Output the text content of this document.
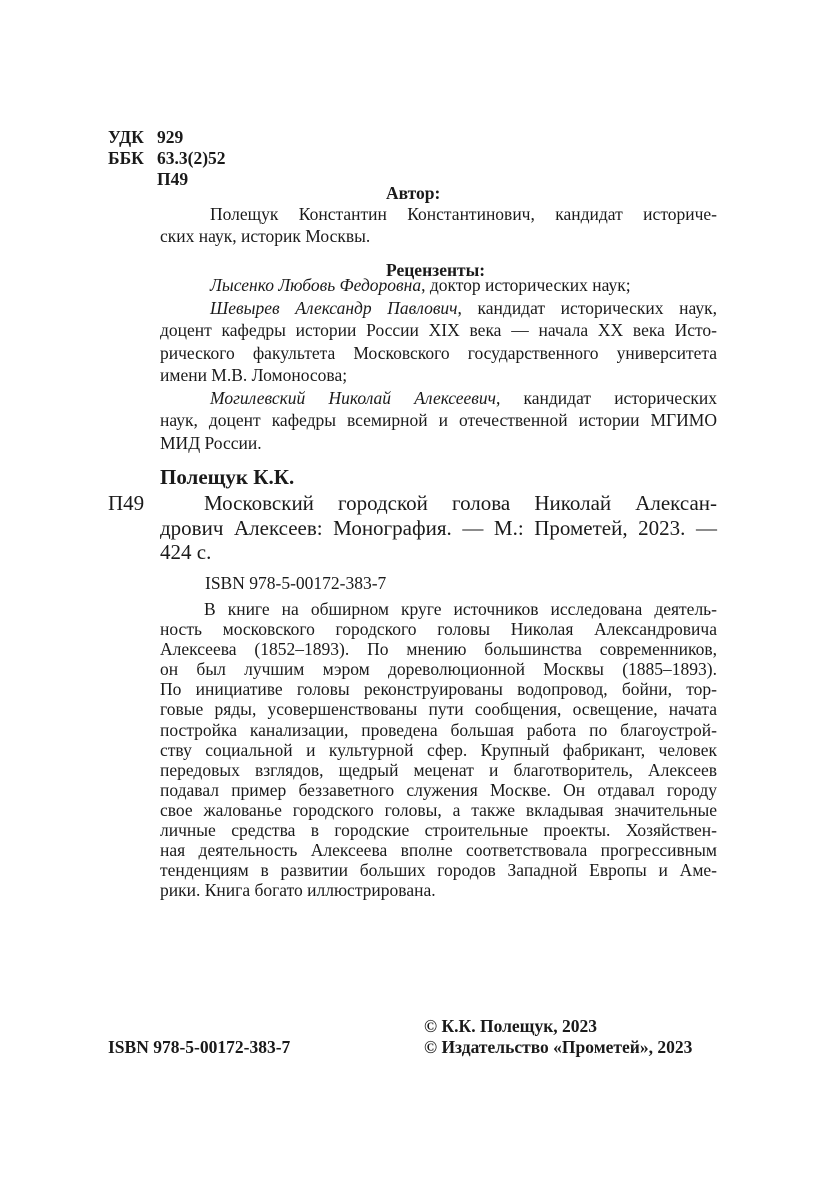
УДК 929
ББК 63.3(2)52
П49
Автор:
Полещук Константин Константинович, кандидат историче-
ских наук, историк Москвы.
Рецензенты:
Лысенко Любовь Федоровна, доктор исторических наук;
Шевырев Александр Павлович, кандидат исторических наук,
доцент кафедры истории России XIX века — начала XX века Исто-
рического факультета Московского государственного университета
имени М.В. Ломоносова;
Могилевский Николай Алексеевич, кандидат исторических
наук, доцент кафедры всемирной и отечественной истории МГИМО
МИД России.
Полещук К.К.
П49	Московский городской голова Николай Алексан-
дрович Алексеев: Монография. — М.: Прометей, 2023. —
424 с.
ISBN 978-5-00172-383-7
В книге на обширном круге источников исследована деятель-
ность московского городского головы Николая Александровича
Алексеева (1852–1893). По мнению большинства современников,
он был лучшим мэром дореволюционной Москвы (1885–1893).
По инициативе головы реконструированы водопровод, бойни, тор-
говые ряды, усовершенствованы пути сообщения, освещение, начата
постройка канализации, проведена большая работа по благоустрой-
ству социальной и культурной сфер. Крупный фабрикант, человек
передовых взглядов, щедрый меценат и благотворитель, Алексеев
подавал пример беззаветного служения Москве. Он отдавал городу
свое жалованье городского головы, а также вкладывая значительные
личные средства в городские строительные проекты. Хозяйствен-
ная деятельность Алексеева вполне соответствовала прогрессивным
тенденциям в развитии больших городов Западной Европы и Аме-
рики. Книга богато иллюстрирована.
© К.К. Полещук, 2023
ISBN 978-5-00172-383-7	© Издательство «Прометей», 2023
